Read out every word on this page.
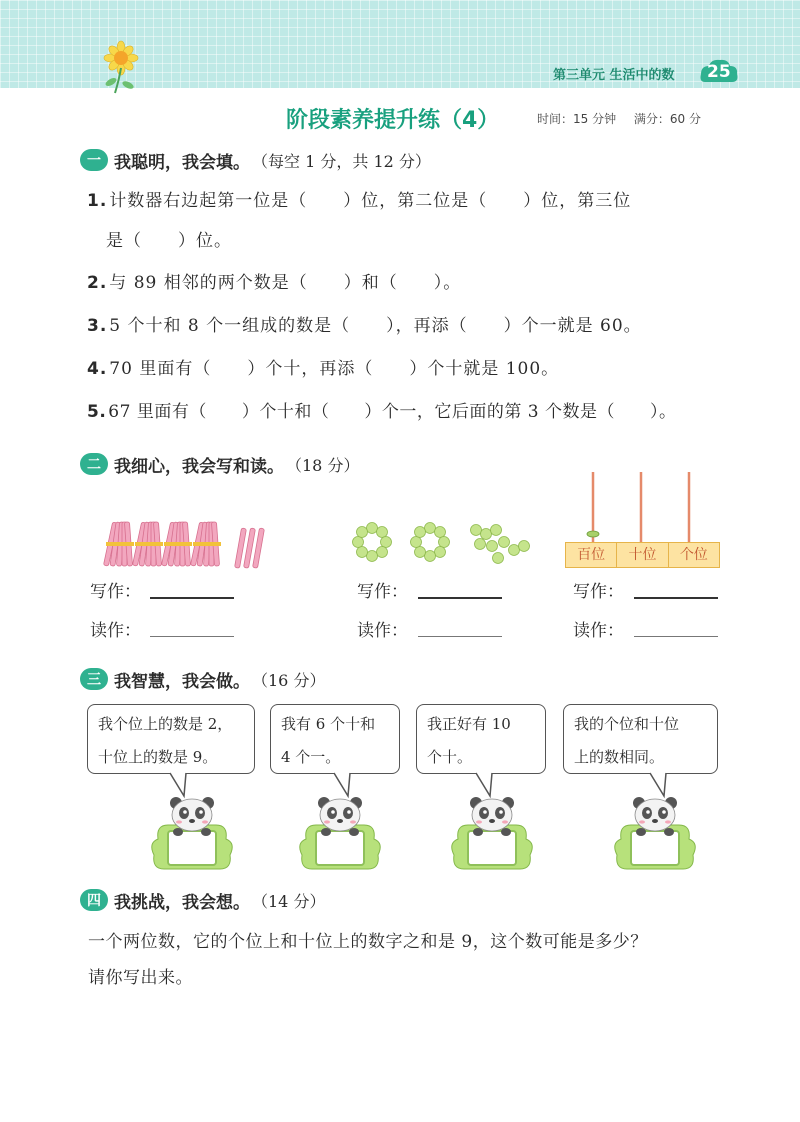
第三单元 生活中的数 25
阶段素养提升练（4）	时间：15 分钟 满分：60 分
一 我聪明，我会填。 （每空 1 分，共 12 分）
1. 计数器右边起第一位是（　　）位，第二位是（　　）位，第三位
是（　　）位。
2. 与 89 相邻的两个数是（　　）和（　　）。
3. 5 个十和 8 个一组成的数是（　　），再添（　　）个一就是 60。
4. 70 里面有（　　）个十，再添（　　）个十就是 100。
5. 67 里面有（　　）个十和（　　）个一，它后面的第 3 个数是（　　）。
二 我细心，我会写和读。 （18 分）
百位	十位	个位
写作：
读作：
写作：
读作：
写作：
读作：
三 我智慧，我会做。 （16 分）
我个位上的数是 2，
十位上的数是 9。
我有 6 个十和
4 个一。
我正好有 10
个十。
我的个位和十位
上的数相同。
四 我挑战，我会想。 （14 分）
一个两位数，它的个位上和十位上的数字之和是 9，这个数可能是多少？
请你写出来。
